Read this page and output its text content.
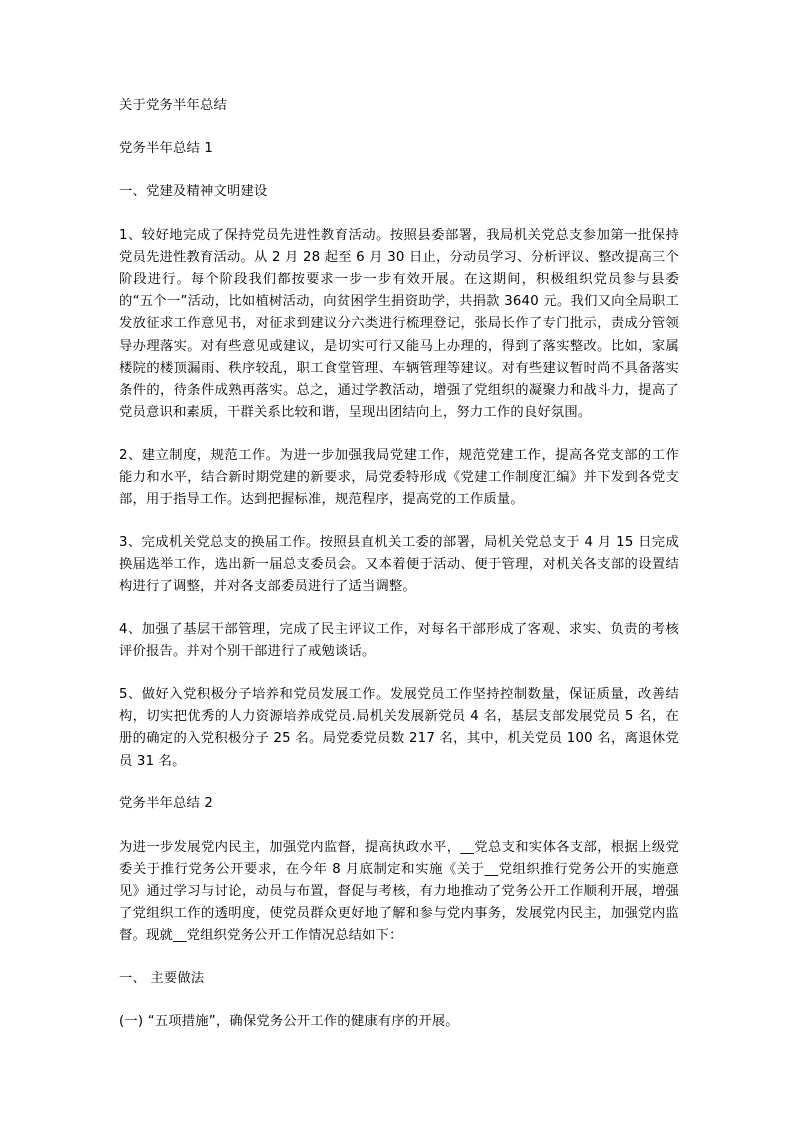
关于党务半年总结

党务半年总结 1

一、党建及精神文明建设

1、较好地完成了保持党员先进性教育活动。按照县委部署，我局机关党总支参加第一批保持党员先进性教育活动。从 2 月 28 起至 6 月 30 日止，分动员学习、分析评议、整改提高三个阶段进行。每个阶段我们都按要求一步一步有效开展。在这期间，积极组织党员参与县委的“五个一”活动，比如植树活动，向贫困学生捐资助学，共捐款 3640 元。我们又向全局职工发放征求工作意见书，对征求到建议分六类进行梳理登记，张局长作了专门批示，责成分管领导办理落实。对有些意见或建议，是切实可行又能马上办理的，得到了落实整改。比如，家属楼院的楼顶漏雨、秩序较乱，职工食堂管理、车辆管理等建议。对有些建议暂时尚不具备落实条件的，待条件成熟再落实。总之，通过学教活动，增强了党组织的凝聚力和战斗力，提高了党员意识和素质，干群关系比较和谐，呈现出团结向上，努力工作的良好氛围。

2、建立制度，规范工作。为进一步加强我局党建工作，规范党建工作，提高各党支部的工作能力和水平，结合新时期党建的新要求，局党委特形成《党建工作制度汇编》并下发到各党支部，用于指导工作。达到把握标准，规范程序，提高党的工作质量。

3、完成机关党总支的换届工作。按照县直机关工委的部署，局机关党总支于 4 月 15 日完成换届选举工作，选出新一届总支委员会。又本着便于活动、便于管理，对机关各支部的设置结构进行了调整，并对各支部委员进行了适当调整。

4、加强了基层干部管理，完成了民主评议工作，对每名干部形成了客观、求实、负责的考核评价报告。并对个别干部进行了戒勉谈话。

5、做好入党积极分子培养和党员发展工作。发展党员工作坚持控制数量，保证质量，改善结构，切实把优秀的人力资源培养成党员.局机关发展新党员 4 名，基层支部发展党员 5 名，在册的确定的入党积极分子 25 名。局党委党员数 217 名，其中，机关党员 100 名，离退休党员 31 名。

党务半年总结 2

为进一步发展党内民主，加强党内监督，提高执政水平，__党总支和实体各支部，根据上级党委关于推行党务公开要求，在今年 8 月底制定和实施《关于__党组织推行党务公开的实施意见》通过学习与讨论，动员与布置，督促与考核，有力地推动了党务公开工作顺利开展，增强了党组织工作的透明度，使党员群众更好地了解和参与党内事务，发展党内民主，加强党内监督。现就__党组织党务公开工作情况总结如下：

一、 主要做法

(一) “五项措施”，确保党务公开工作的健康有序的开展。
